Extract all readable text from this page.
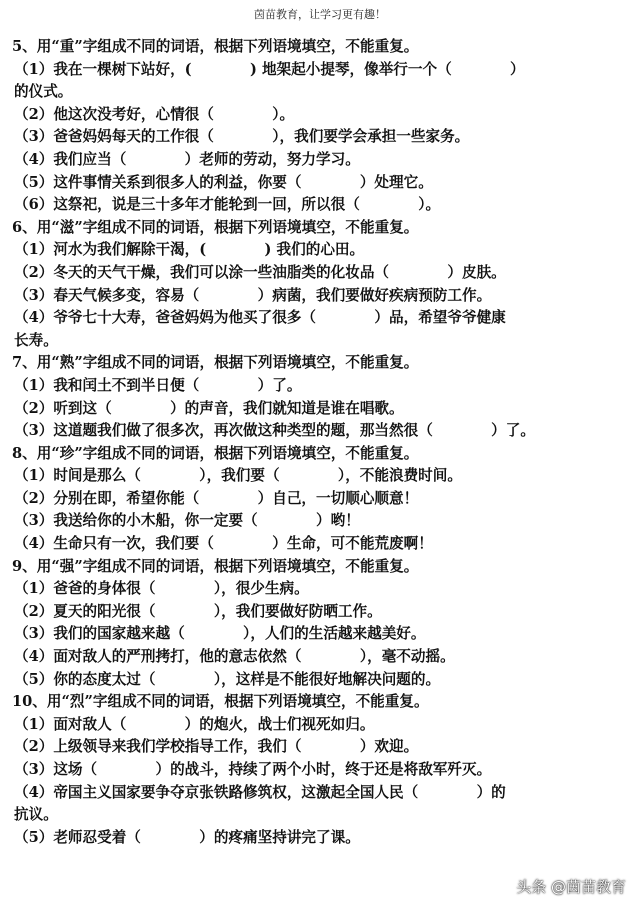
茵苗教育，让学习更有趣！
5、用“重”字组成不同的词语，根据下列语境填空，不能重复。
（1）我在一棵树下站好，(　　　　) 地架起小提琴，像举行一个（　　　　）
的仪式。
（2）他这次没考好，心情很（　　　　）。
（3）爸爸妈妈每天的工作很（　　　　），我们要学会承担一些家务。
（4）我们应当（　　　　）老师的劳动，努力学习。
（5）这件事情关系到很多人的利益，你要（　　　　）处理它。
（6）这祭祀，说是三十多年才能轮到一回，所以很（　　　　）。
6、用“滋”字组成不同的词语，根据下列语境填空，不能重复。
（1）河水为我们解除干渴，(　　　　) 我们的心田。
（2）冬天的天气干燥，我们可以涂一些油脂类的化妆品（　　　　）皮肤。
（3）春天气候多变，容易（　　　　）病菌，我们要做好疾病预防工作。
（4）爷爷七十大寿，爸爸妈妈为他买了很多（　　　　）品，希望爷爷健康
长寿。
7、用“熟”字组成不同的词语，根据下列语境填空，不能重复。
（1）我和闰土不到半日便（　　　　）了。
（2）听到这（　　　　）的声音，我们就知道是谁在唱歌。
（3）这道题我们做了很多次，再次做这种类型的题，那当然很（　　　　）了。
8、用“珍”字组成不同的词语，根据下列语境填空，不能重复。
（1）时间是那么（　　　　），我们要（　　　　），不能浪费时间。
（2）分别在即，希望你能（　　　　）自己，一切顺心顺意！
（3）我送给你的小木船，你一定要（　　　　）哟！
（4）生命只有一次，我们要（　　　　）生命，可不能荒废啊！
9、用“强”字组成不同的词语，根据下列语境填空，不能重复。
（1）爸爸的身体很（　　　　），很少生病。
（2）夏天的阳光很（　　　　），我们要做好防晒工作。
（3）我们的国家越来越（　　　　），人们的生活越来越美好。
（4）面对敌人的严刑拷打，他的意志依然（　　　　），毫不动摇。
（5）你的态度太过（　　　　），这样是不能很好地解决问题的。
10、用“烈”字组成不同的词语，根据下列语境填空，不能重复。
（1）面对敌人（　　　　）的炮火，战士们视死如归。
（2）上级领导来我们学校指导工作，我们（　　　　）欢迎。
（3）这场（　　　　）的战斗，持续了两个小时，终于还是将敌军歼灭。
（4）帝国主义国家要争夺京张铁路修筑权，这激起全国人民（　　　　）的
抗议。
（5）老师忍受着（　　　　）的疼痛坚持讲完了课。
头条 @茵苗教育
